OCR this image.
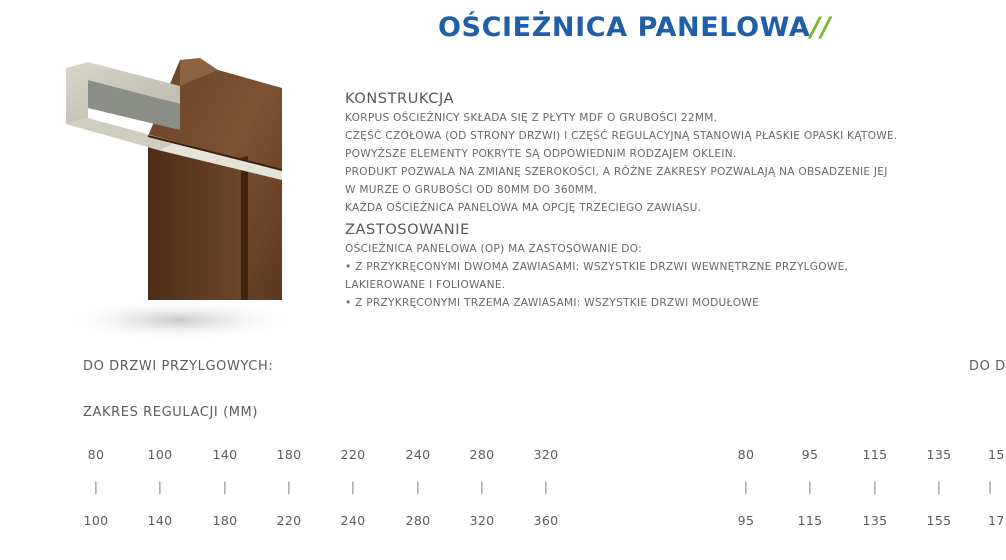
OŚCIEŻNICA PANELOWA//
KONSTRUKCJA
KORPUS OŚCIEŻNICY SKŁADA SIĘ Z PŁYTY MDF O GRUBOŚCI 22MM.
CZĘŚĆ CZOŁOWA (OD STRONY DRZWI) I CZĘŚĆ REGULACYJNĄ STANOWIĄ PŁASKIE OPASKI KĄTOWE.
POWYŻSZE ELEMENTY POKRYTE SĄ ODPOWIEDNIM RODZAJEM OKLEIN.
PRODUKT POZWALA NA ZMIANĘ SZEROKOŚCI, A RÓŻNE ZAKRESY POZWALAJĄ NA OBSADZENIE JEJ
W MURZE O GRUBOŚCI OD 80MM DO 360MM.
KAŻDA OŚCIEŻNICA PANELOWA MA OPCJĘ TRZECIEGO ZAWIASU.
ZASTOSOWANIE
OŚCIEŻNICA PANELOWA (OP) MA ZASTOSOWANIE DO:
• Z PRZYKRĘCONYMI DWOMA ZAWIASAMI: WSZYSTKIE DRZWI WEWNĘTRZNE PRZYLGOWE,
LAKIEROWANE I FOLIOWANE.
• Z PRZYKRĘCONYMI TRZEMA ZAWIASAMI: WSZYSTKIE DRZWI MODUŁOWE
DO DRZWI PRZYLGOWYCH:
ZAKRES REGULACJI (MM)
DO D
80
|
100
100
|
140
140
|
180
180
|
220
220
|
240
240
|
280
280
|
320
320
|
360
80
|
95
95
|
115
115
|
135
135
|
155
15
|
17
